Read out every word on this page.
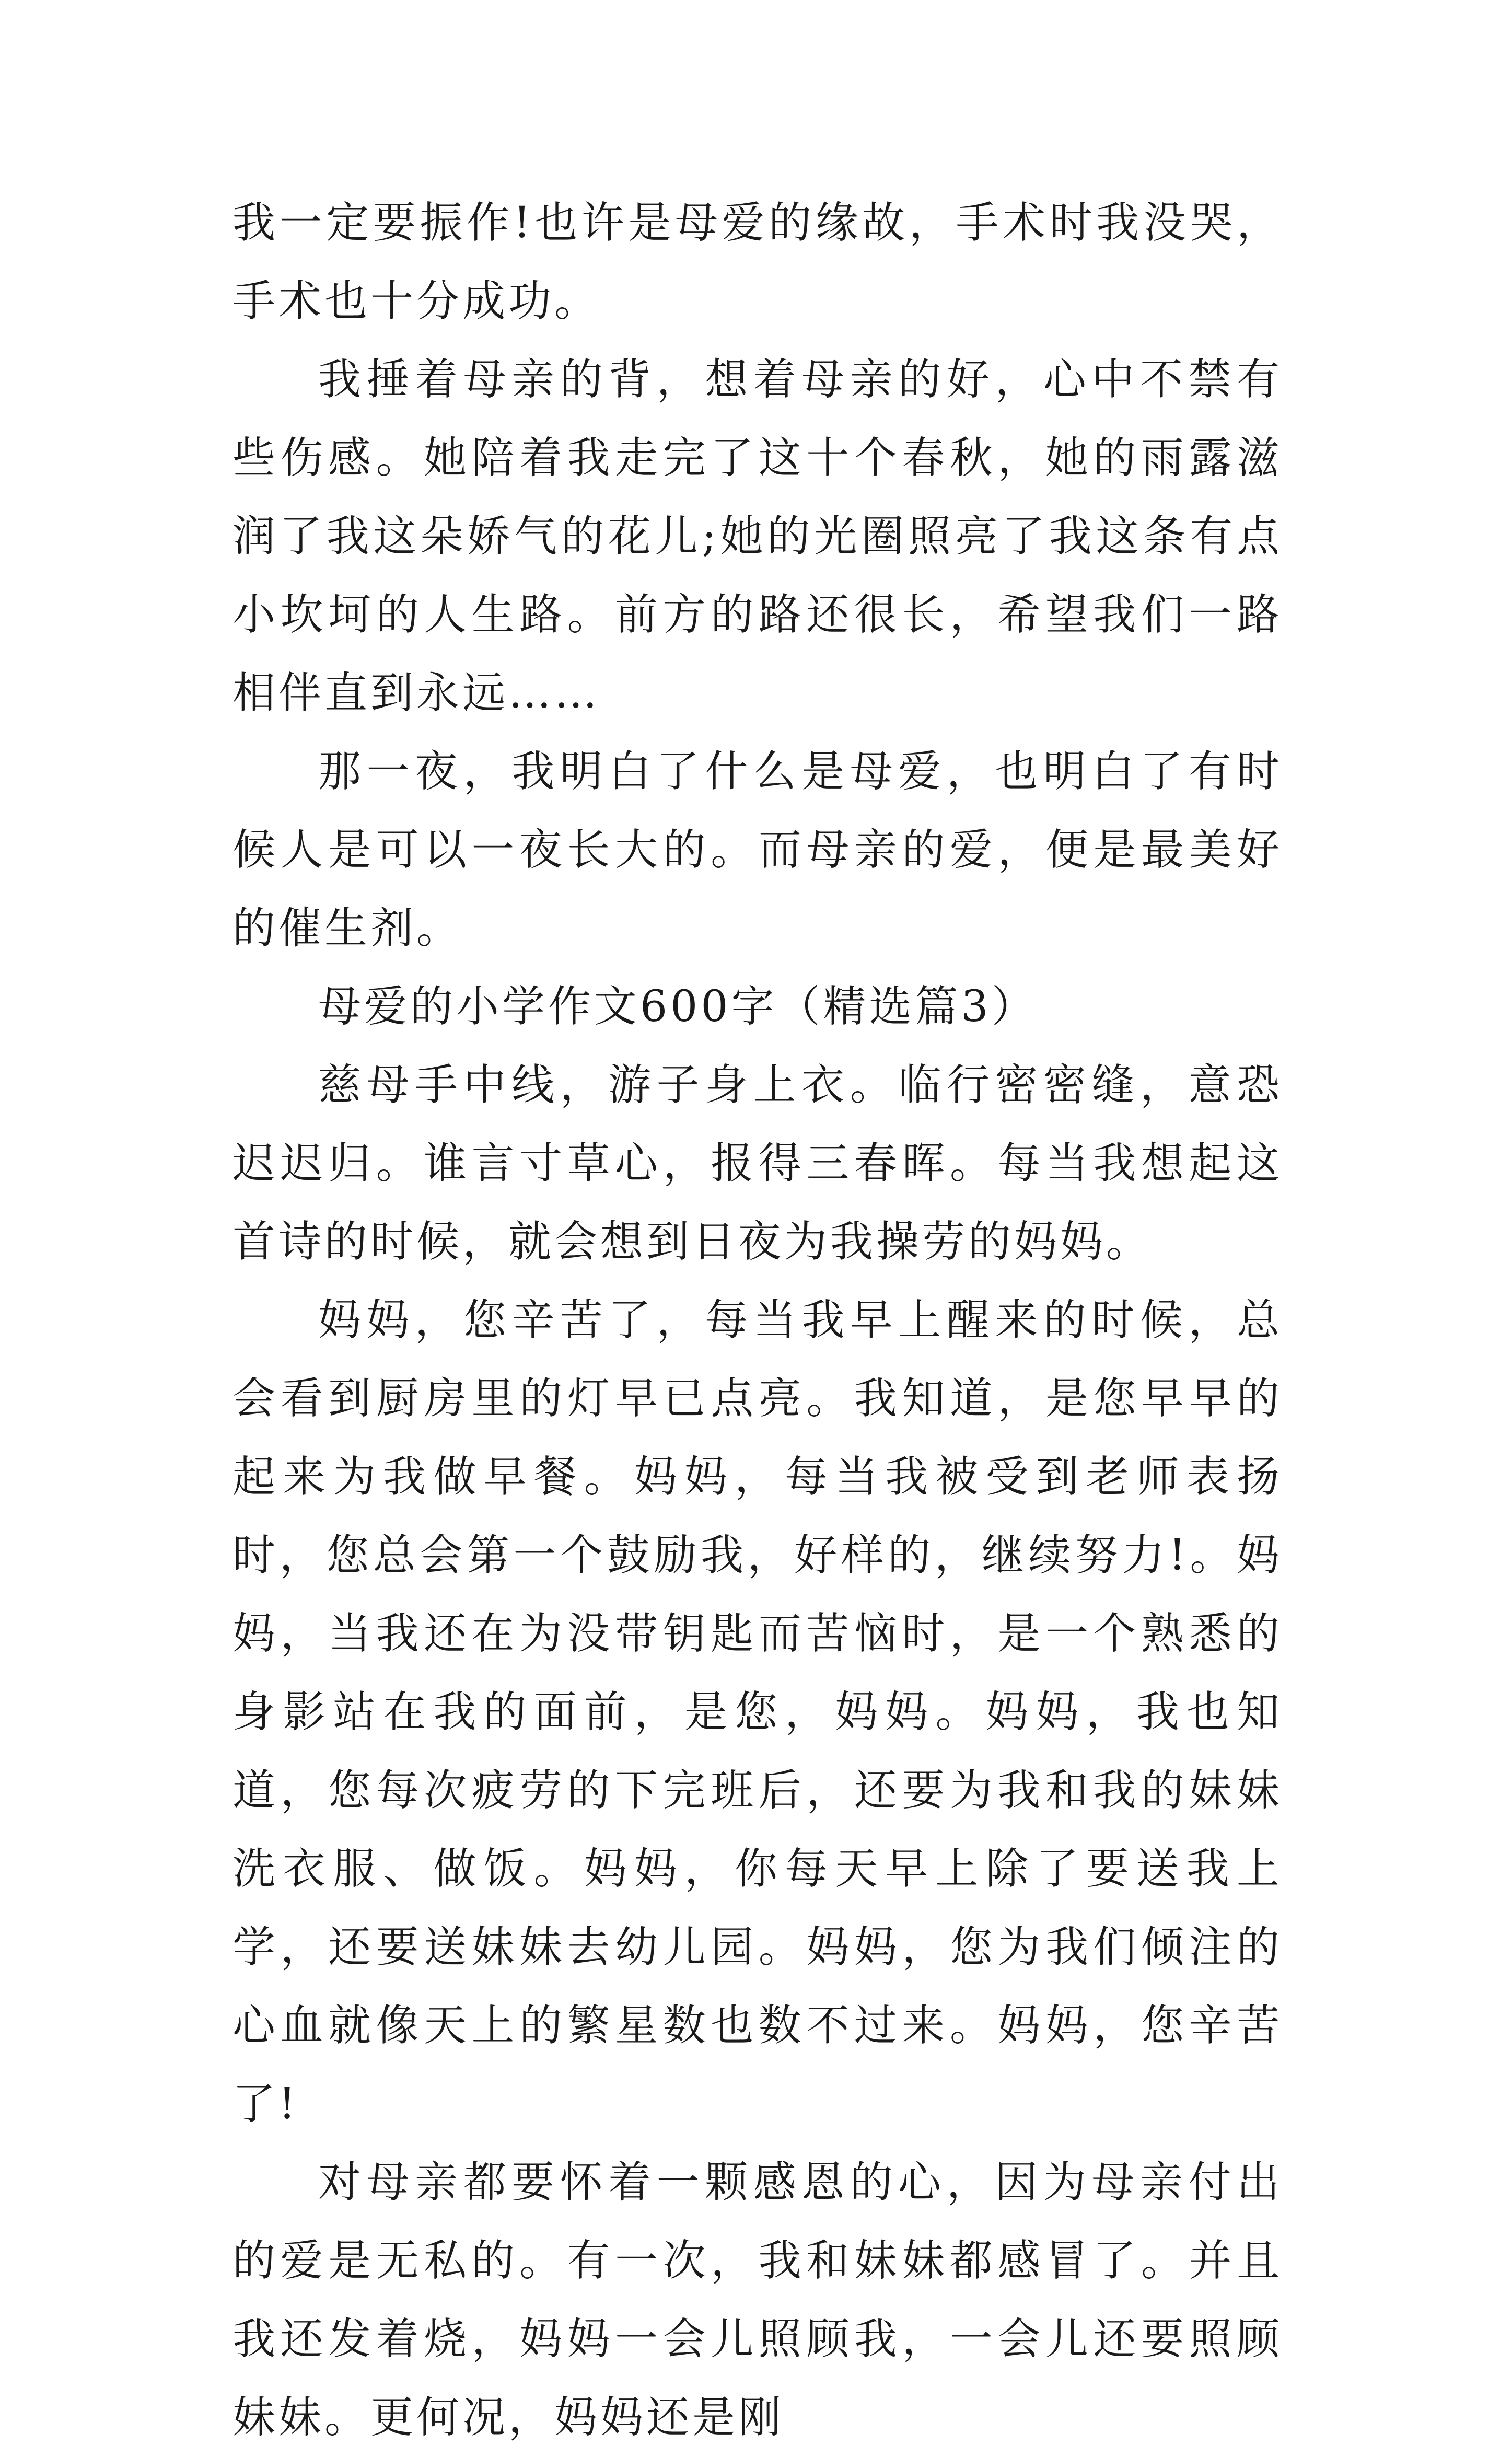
我一定要振作!也许是母爱的缘故，手术时我没哭，手术也十分成功。

我捶着母亲的背，想着母亲的好，心中不禁有些伤感。她陪着我走完了这十个春秋，她的雨露滋润了我这朵娇气的花儿;她的光圈照亮了我这条有点小坎坷的人生路。前方的路还很长，希望我们一路相伴直到永远……

那一夜，我明白了什么是母爱，也明白了有时候人是可以一夜长大的。而母亲的爱，便是最美好的催生剂。

母爱的小学作文600字（精选篇3）

慈母手中线，游子身上衣。临行密密缝，意恐迟迟归。谁言寸草心，报得三春晖。每当我想起这首诗的时候，就会想到日夜为我操劳的妈妈。

妈妈，您辛苦了，每当我早上醒来的时候，总会看到厨房里的灯早已点亮。我知道，是您早早的起来为我做早餐。妈妈，每当我被受到老师表扬时，您总会第一个鼓励我，好样的，继续努力!。妈妈，当我还在为没带钥匙而苦恼时，是一个熟悉的身影站在我的面前，是您，妈妈。妈妈，我也知道，您每次疲劳的下完班后，还要为我和我的妹妹洗衣服、做饭。妈妈，你每天早上除了要送我上学，还要送妹妹去幼儿园。妈妈，您为我们倾注的心血就像天上的繁星数也数不过来。妈妈，您辛苦了!

对母亲都要怀着一颗感恩的心，因为母亲付出的爱是无私的。有一次，我和妹妹都感冒了。并且我还发着烧，妈妈一会儿照顾我，一会儿还要照顾妹妹。更何况，妈妈还是刚
